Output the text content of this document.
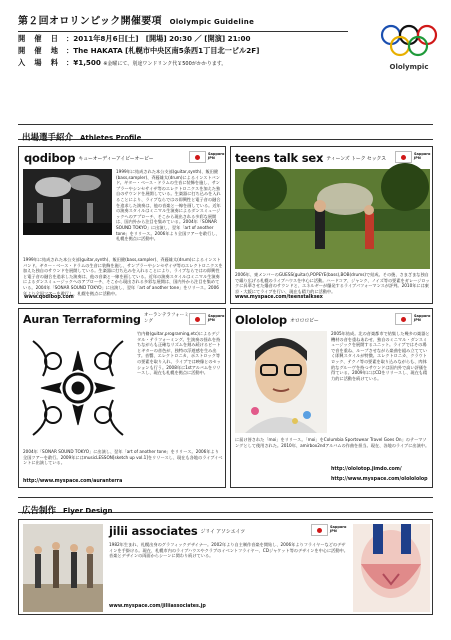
第２回オロリンピック開催要項 Ololympic Guideline
開　催　日 ：2011年8月6日[土]　[開場] 20:30 ／ [開演] 21:00
開　催　地 ：The HAKATA [札幌市中央区南5条西1丁目北一ビル2F]
入　場　料 ：¥1,500 ※金曜にて、別途ワンドリンク代￥500がかかります。	Ololympic
出場選手紹介 Athletes Profile
qodibop キューオーディーアイビーオービー
Sapporo
JPN
1999年に結成された本公支部(guitar,synth)、飯田健(bass,sampler)、斉藤雄太(drum)によるインストバンド。ギター・ベース・ドラムの生音に装飾を施し、サンプラーやシンセサイザ等のエレクトロニクスを加えた独自のサウンドを展開している。生楽器に打ち込みを入れることにより、ライブならではの即興性と電子音の融合を追求した演奏は、他の音楽と一線を画している。近年の演奏スタイルはミニマル生演奏によるダンスミュージックへのアプローチ、そこから現出される多彩な展開は、国内外から注目を集めている。2004年「SONAR SOUND TOKYO」に出演し、翌年「art of another tone」をリリース。2006年より全国ツアーを敢行し、札幌を拠点に活動中。
1999年に結成された本公支部(guitar,synth)、飯田健(bass,sampler)、斉藤雄太(drum)によるインストバンド。ギター・ベース・ドラムの生音に装飾を施し、サンプラーやシンセサイザ等のエレクトロニクスを加えた独自のサウンドを展開している。生楽器に打ち込みを入れることにより、ライブならではの即興性と電子音の融合を追求した演奏は、他の音楽と一線を画している。近年の演奏スタイルはミニマル生演奏によるダンスミュージックへのアプローチ、そこから現出される多彩な展開は、国内外から注目を集めている。2004年「SONAR SOUND TOKYO」に出演し、翌年「art of another tone」をリリース。2006年より全国ツアーを敢行し、札幌を拠点に活動中。
www.qodibop.com
teens talk sex ティーンズ トーク セックス
Sapporo
JPN
2006年、東メンバーのGUESS(guitar),POPEYE(bass),BOB(drums)で結成。その後、さまざまな独自で繰り広げる札幌のライブハウスを中心に活動。ハードコア、ジャンク、ノイズ等の要素をガレージロックに昇華させた爆音のサウンドと、エネルギーが爆発するライブパフォーマンスが評判。2010年には東京・大阪にてライブを行い、現在も精力的に活動中。
www.myspace.com/teenstalksex
Auran Terraforming オーランテラフォーミング
Sapporo
JPN
竹内脩(guitar,programing,etc)によるデジタル・テラフォーミング。生演奏の揺れを持ちながらも正確なリズムを刻み続けるビートとギターの音色が、独特の浮遊感を生み出す。音響、エレクトロニカ、ポストロック等の要素を取り入れ、ライブでは映像とのセッションも行う。2008年に1stアルバムをリリースし、現在も札幌を拠点に活動中。
2004年「SONAR SOUND TOKYO」に出演し、翌年「art of another tone」をリリース。2006年より全国ツアーを敢行。2009年にはmusicLESSON[sketch up vol.1]をリリースし、現在も各地のライブイベントに出演している。
http://www.myspace.com/auranterra
Olololop オロロロピー
Sapporo
JPN
2005年結成。北の音楽都市で結集した幾多の楽器と機材の音を重ねあわせ、独自のミニマル・ダンスミュージックを展開するユニット。ライブではその場で音を重ね、ループさせながら楽曲を組み立てていく即興スタイルが特徴。エレクトロニカ、クラウトロック、テクノ等の要素を取り込みながらも、肉体的なグルーヴを持つサウンドは国内外で高い評価を得ている。2009年にはCDをリリースし、現在も精力的に活動を続けている。
に届け皆された「moi」をリリース。「moi」をColumbia Sportswear Travel Goes On」のテーマソングとして使用された。2010年、amirbox2ndアルバムの作曲を担当。現在、各地のライブに出演中。
http://ololotop.jimdo.com/
http://www.myspace.com/ololololop
広告制作 Flyer Design
jilii associates ジリイ アソシエイツ
Sapporo
JPN
1982年生まれ、札幌出身のグラフィックデザイナー。2002年より自主制作音楽を開始し、2006年よりフライヤーなどのデザインを手掛ける。現在、札幌市内のライブハウスやクラブのイベントフライヤー、CDジャケット等のデザインを中心に活動中。音楽とデザインの両面からシーンに関わり続けている。
www.myspace.com/jiliiassociates.jp
